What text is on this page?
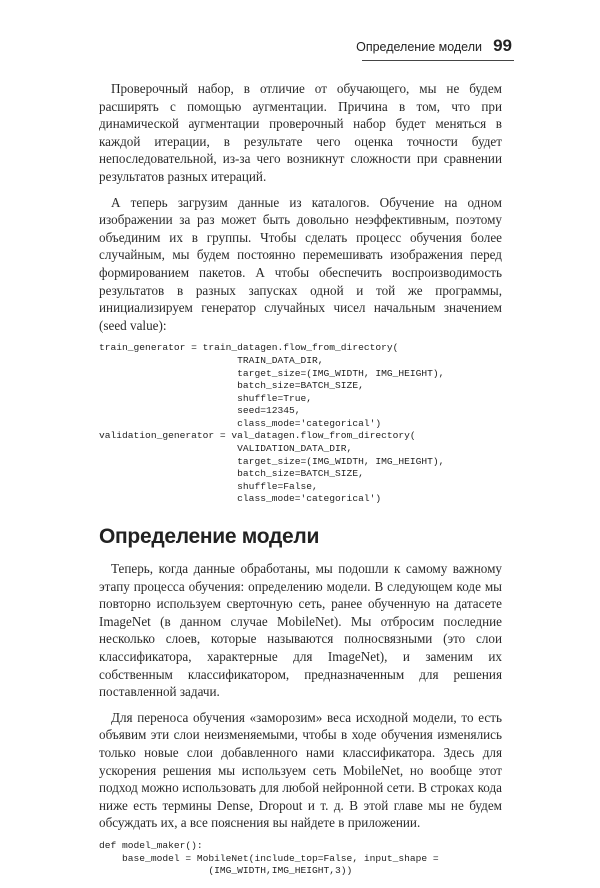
Определение модели 99

Проверочный набор, в отличие от обучающего, мы не будем расширять с помощью аугментации. Причина в том, что при динамической аугментации проверочный набор будет меняться в каждой итерации, в результате чего оценка точности будет непоследовательной, из-за чего возникнут сложности при сравнении результатов разных итераций.

А теперь загрузим данные из каталогов. Обучение на одном изображении за раз может быть довольно неэффективным, поэтому объединим их в группы. Чтобы сделать процесс обучения более случайным, мы будем постоянно перемешивать изображения перед формированием пакетов. А чтобы обеспечить воспроизводимость результатов в разных запусках одной и той же программы, инициализируем генератор случайных чисел начальным значением (seed value):

train_generator = train_datagen.flow_from_directory(
TRAIN_DATA_DIR,
target_size=(IMG_WIDTH, IMG_HEIGHT),
batch_size=BATCH_SIZE,
shuffle=True,
seed=12345,
class_mode='categorical')
validation_generator = val_datagen.flow_from_directory(
VALIDATION_DATA_DIR,
target_size=(IMG_WIDTH, IMG_HEIGHT),
batch_size=BATCH_SIZE,
shuffle=False,
class_mode='categorical')
Определение модели

Теперь, когда данные обработаны, мы подошли к самому важному этапу процесса обучения: определению модели. В следующем коде мы повторно используем сверточную сеть, ранее обученную на датасете ImageNet (в данном случае MobileNet). Мы отбросим последние несколько слоев, которые называются полносвязными (это слои классификатора, характерные для ImageNet), и заменим их собственным классификатором, предназначенным для решения поставленной задачи.

Для переноса обучения «заморозим» веса исходной модели, то есть объявим эти слои неизменяемыми, чтобы в ходе обучения изменялись только новые слои добавленного нами классификатора. Здесь для ускорения решения мы используем сеть MobileNet, но вообще этот подход можно использовать для любой нейронной сети. В строках кода ниже есть термины Dense, Dropout и т. д. В этой главе мы не будем обсуждать их, а все пояснения вы найдете в приложении.

def model_maker():
base_model = MobileNet(include_top=False, input_shape =
(IMG_WIDTH,IMG_HEIGHT,3))
